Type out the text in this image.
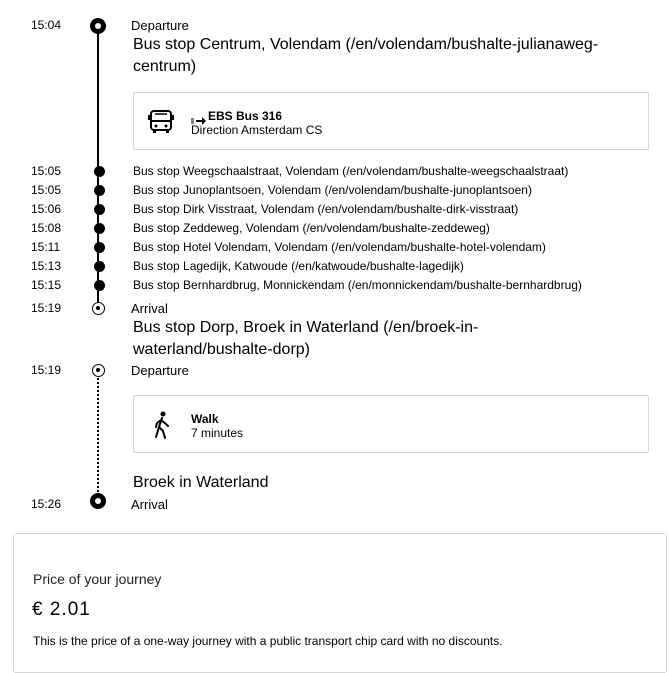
15:04	Departure
Bus stop Centrum, Volendam (/en/volendam/bushalte-julianaweg-centrum)
EBS Bus 316
Direction Amsterdam CS
15:05	Bus stop Weegschaalstraat, Volendam (/en/volendam/bushalte-weegschaalstraat)
15:05	Bus stop Junoplantsoen, Volendam (/en/volendam/bushalte-junoplantsoen)
15:06	Bus stop Dirk Visstraat, Volendam (/en/volendam/bushalte-dirk-visstraat)
15:08	Bus stop Zeddeweg, Volendam (/en/volendam/bushalte-zeddeweg)
15:11	Bus stop Hotel Volendam, Volendam (/en/volendam/bushalte-hotel-volendam)
15:13	Bus stop Lagedijk, Katwoude (/en/katwoude/bushalte-lagedijk)
15:15	Bus stop Bernhardbrug, Monnickendam (/en/monnickendam/bushalte-bernhardbrug)
15:19	Arrival
Bus stop Dorp, Broek in Waterland (/en/broek-in-waterland/bushalte-dorp)
15:19	Departure
Walk
7 minutes
Broek in Waterland
15:26	Arrival
Price of your journey
€ 2.01
This is the price of a one-way journey with a public transport chip card with no discounts.
